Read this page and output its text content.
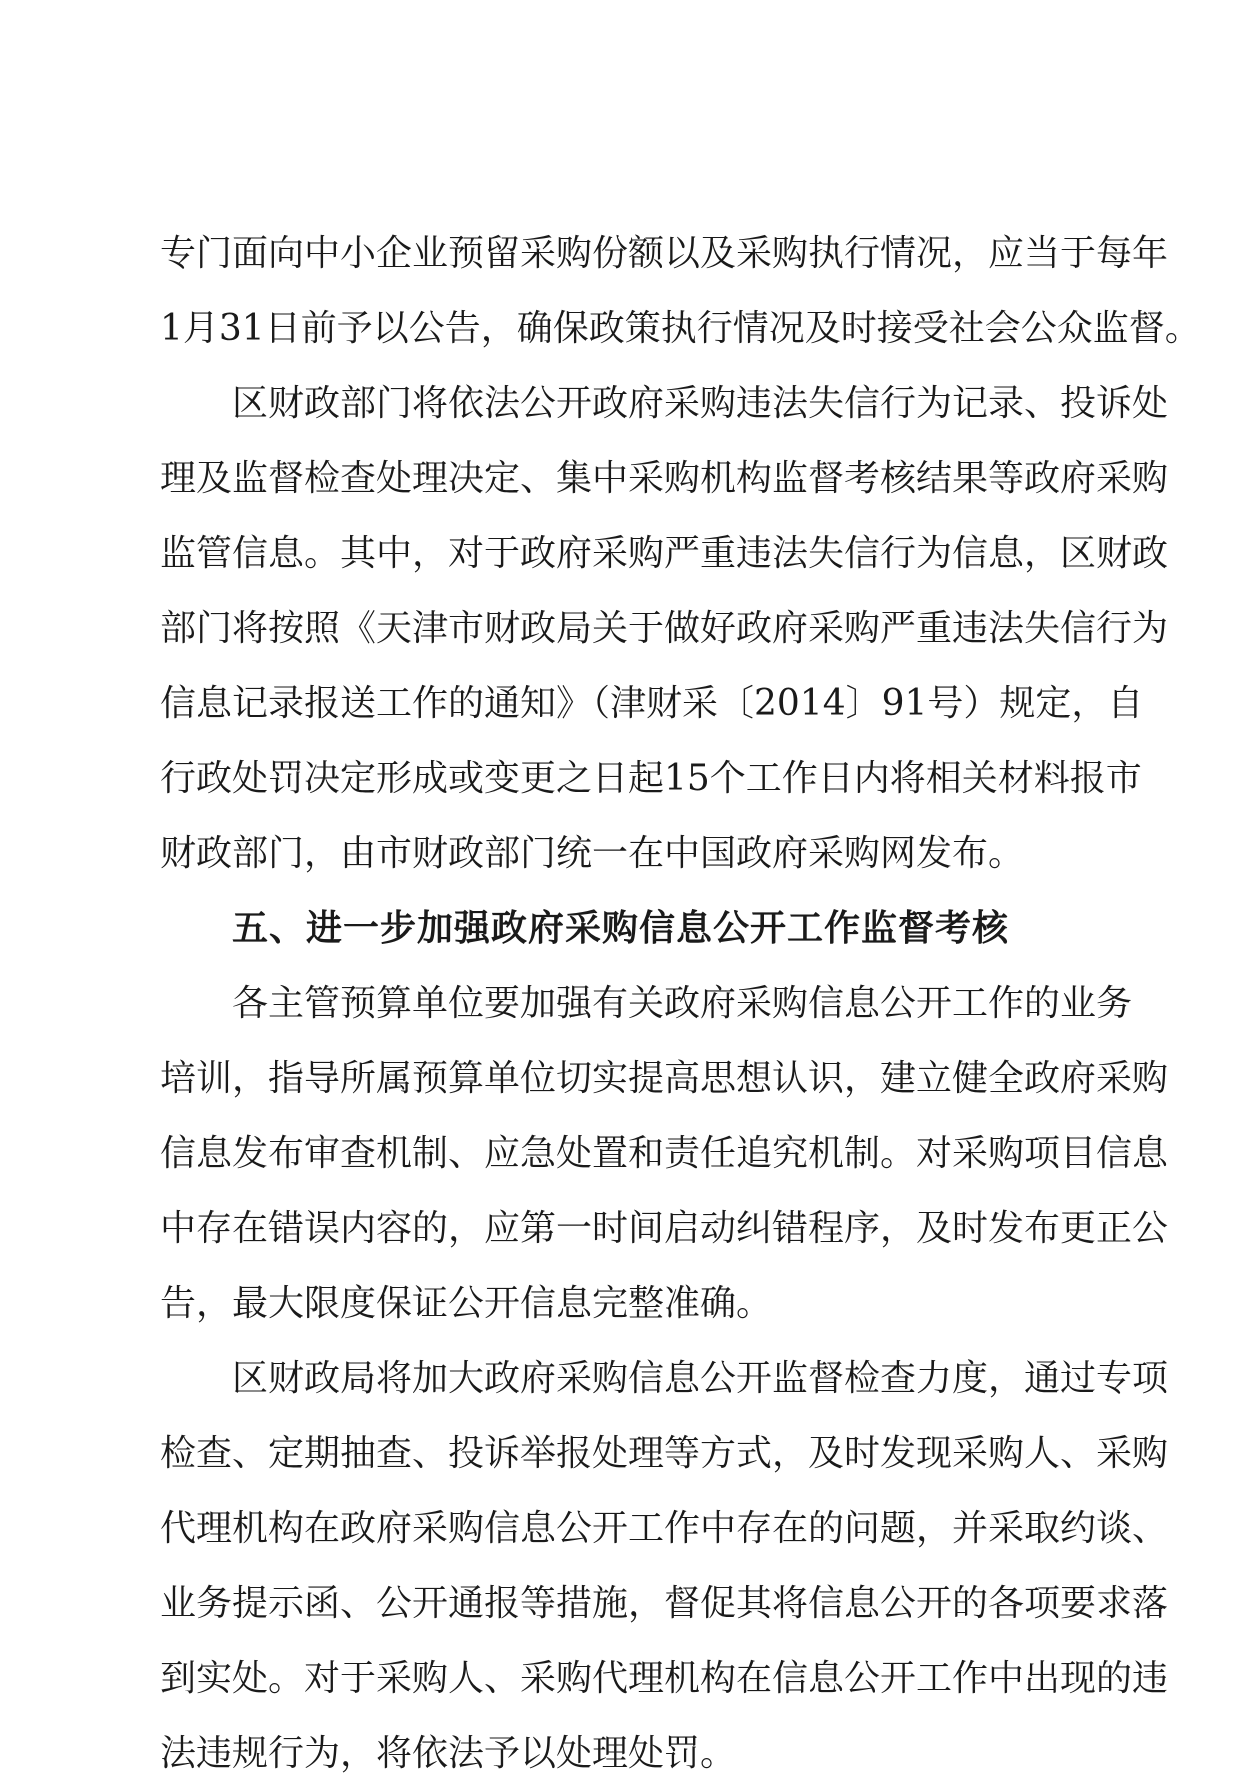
专门面向中小企业预留采购份额以及采购执行情况，应当于每年
1月31日前予以公告，确保政策执行情况及时接受社会公众监督。
区财政部门将依法公开政府采购违法失信行为记录、投诉处
理及监督检查处理决定、集中采购机构监督考核结果等政府采购
监管信息。其中，对于政府采购严重违法失信行为信息，区财政
部门将按照《天津市财政局关于做好政府采购严重违法失信行为
信息记录报送工作的通知》（津财采〔2014〕91号）规定，自
行政处罚决定形成或变更之日起15个工作日内将相关材料报市
财政部门，由市财政部门统一在中国政府采购网发布。
五、进一步加强政府采购信息公开工作监督考核
各主管预算单位要加强有关政府采购信息公开工作的业务
培训，指导所属预算单位切实提高思想认识，建立健全政府采购
信息发布审查机制、应急处置和责任追究机制。对采购项目信息
中存在错误内容的，应第一时间启动纠错程序，及时发布更正公
告，最大限度保证公开信息完整准确。
区财政局将加大政府采购信息公开监督检查力度，通过专项
检查、定期抽查、投诉举报处理等方式，及时发现采购人、采购
代理机构在政府采购信息公开工作中存在的问题，并采取约谈、
业务提示函、公开通报等措施，督促其将信息公开的各项要求落
到实处。对于采购人、采购代理机构在信息公开工作中出现的违
法违规行为，将依法予以处理处罚。
